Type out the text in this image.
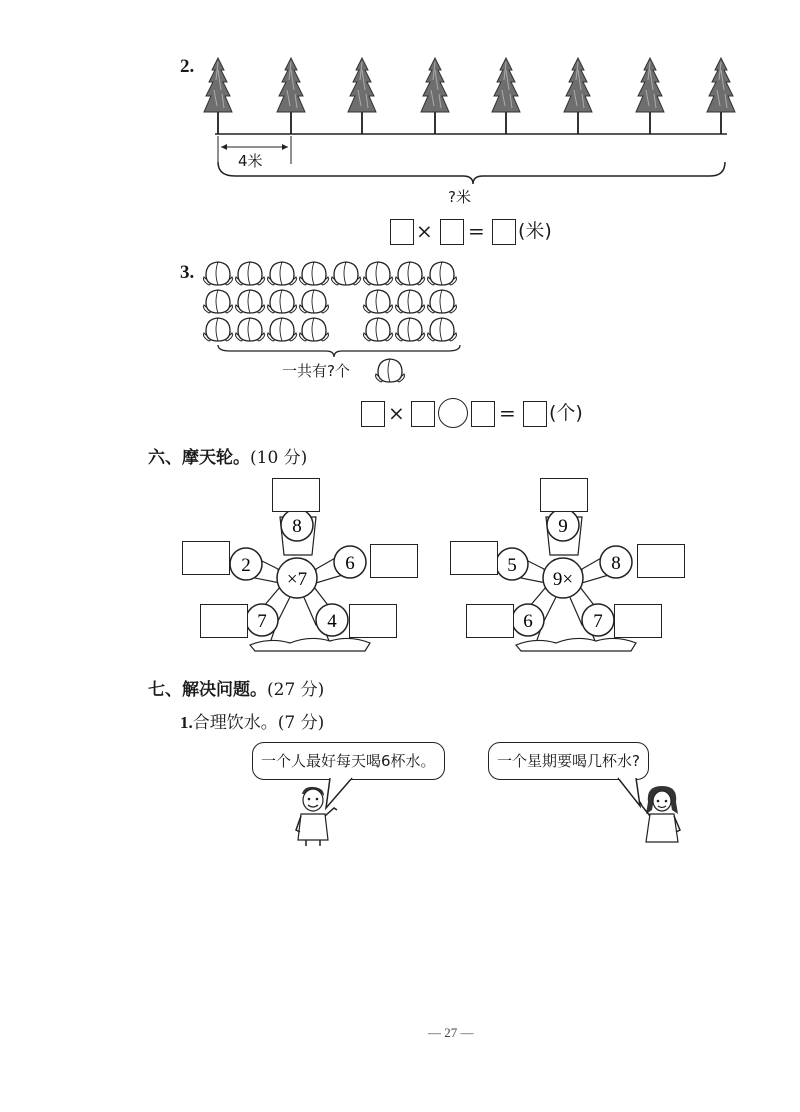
2.
4米
?米
× = (米)
3.
一共有?个
×	= (个)
六、摩天轮。(10 分)
×7
8
2	6
7	4
9×
9
5	8
6	7
七、解决问题。(27 分)
1.合理饮水。(7 分)
一个人最好每天喝6杯水。	一个星期要喝几杯水?
— 27 —
